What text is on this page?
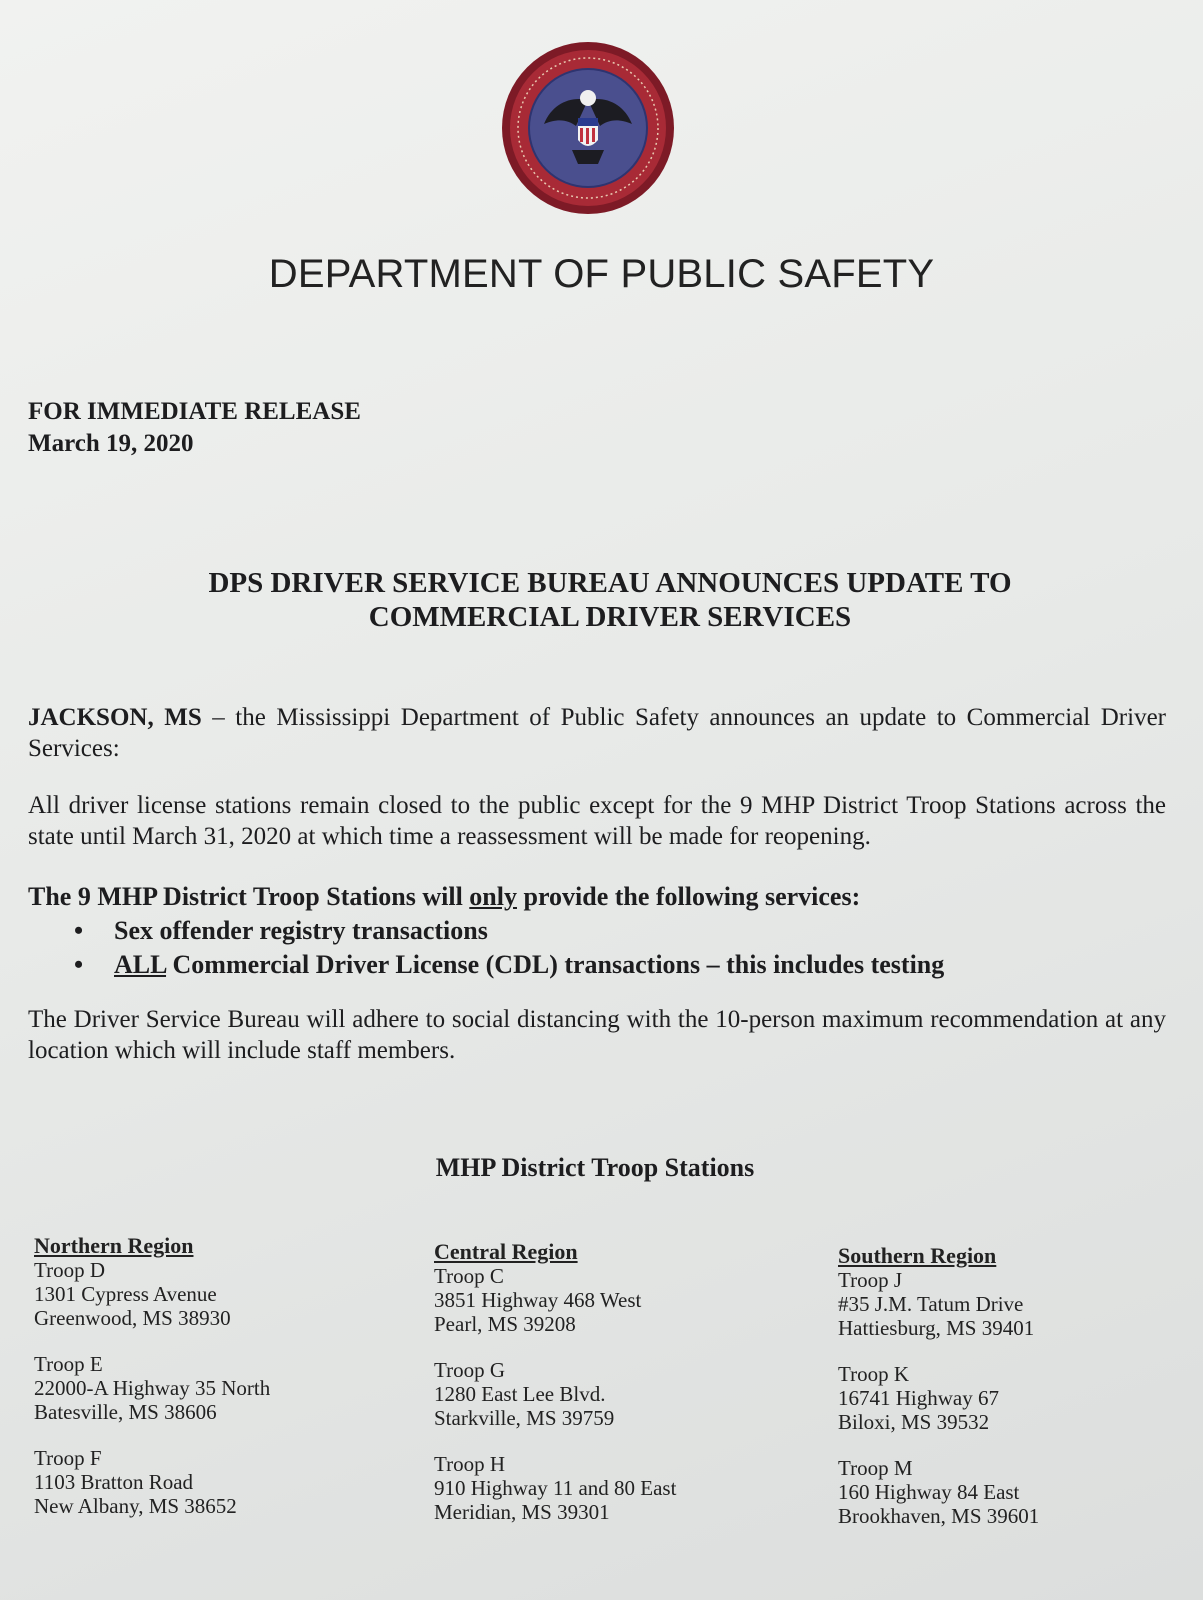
DEPARTMENT OF PUBLIC SAFETY
FOR IMMEDIATE RELEASE
March 19, 2020
DPS DRIVER SERVICE BUREAU ANNOUNCES UPDATE TO
COMMERCIAL DRIVER SERVICES
JACKSON, MS – the Mississippi Department of Public Safety announces an update to Commercial Driver Services:
All driver license stations remain closed to the public except for the 9 MHP District Troop Stations across the state until March 31, 2020 at which time a reassessment will be made for reopening.
The 9 MHP District Troop Stations will only provide the following services:
• Sex offender registry transactions
• ALL Commercial Driver License (CDL) transactions – this includes testing
The Driver Service Bureau will adhere to social distancing with the 10-person maximum recommendation at any location which will include staff members.
MHP District Troop Stations
Northern Region
Troop D
1301 Cypress Avenue
Greenwood, MS 38930
Troop E
22000-A Highway 35 North
Batesville, MS 38606
Troop F
1103 Bratton Road
New Albany, MS 38652
Central Region
Troop C
3851 Highway 468 West
Pearl, MS 39208
Troop G
1280 East Lee Blvd.
Starkville, MS 39759
Troop H
910 Highway 11 and 80 East
Meridian, MS 39301
Southern Region
Troop J
#35 J.M. Tatum Drive
Hattiesburg, MS 39401
Troop K
16741 Highway 67
Biloxi, MS 39532
Troop M
160 Highway 84 East
Brookhaven, MS 39601
